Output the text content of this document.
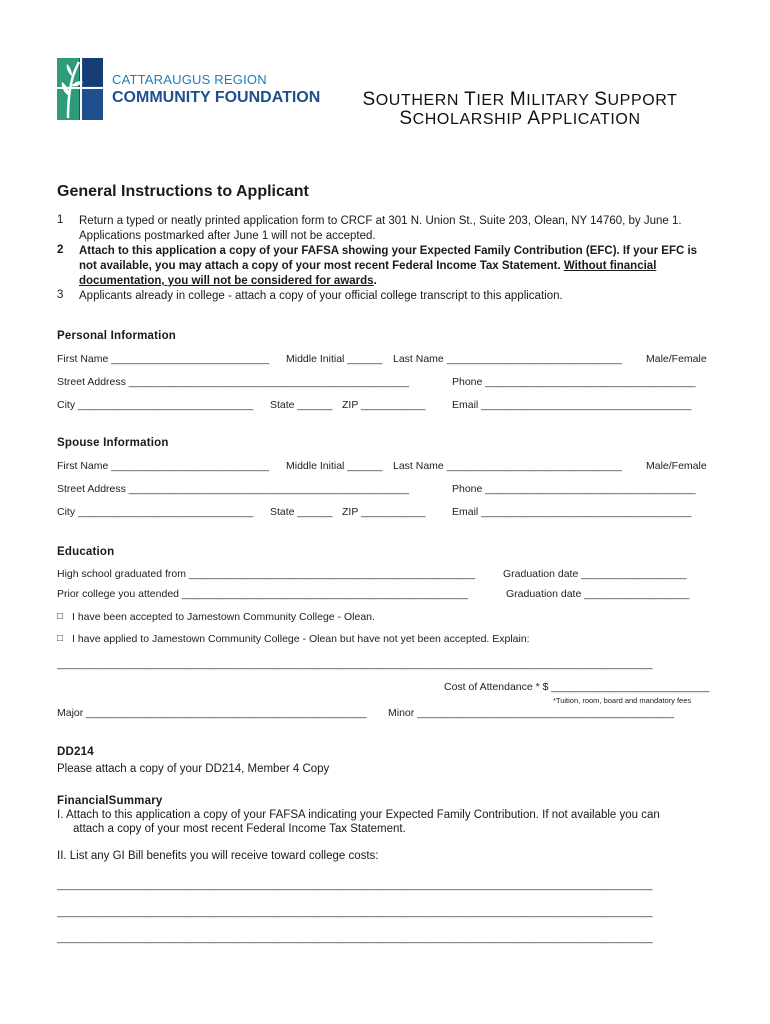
CATTARAUGUS REGION
COMMUNITY FOUNDATION	SOUTHERN TIER MILITARY SUPPORT
SCHOLARSHIP APPLICATION
General Instructions to Applicant
1 Return a typed or neatly printed application form to CRCF at 301 N. Union St., Suite 203, Olean, NY 14760, by June 1. Applications postmarked after June 1 will not be accepted.
2 Attach to this application a copy of your FAFSA showing your Expected Family Contribution (EFC). If your EFC is not available, you may attach a copy of your most recent Federal Income Tax Statement. Without financial documentation, you will not be considered for awards.
3 Applicants already in college - attach a copy of your official college transcript to this application.
Personal Information
First Name ___________________________ Middle Initial ______ Last Name ______________________________ Male/Female
Street Address ________________________________________________	Phone ____________________________________
City ______________________________ State ______ ZIP ___________	Email ____________________________________
Spouse Information
First Name ___________________________ Middle Initial ______ Last Name ______________________________ Male/Female
Street Address ________________________________________________	Phone ____________________________________
City ______________________________ State ______ ZIP ___________	Email ____________________________________
Education
High school graduated from _________________________________________________	Graduation date __________________
Prior college you attended _________________________________________________	Graduation date __________________
□ I have been accepted to Jamestown Community College - Olean.
□ I have applied to Jamestown Community College - Olean but have not yet been accepted. Explain:
______________________________________________________________________________________________________
Cost of Attendance * $ ___________________________
*Tuition, room, board and mandatory fees
Major ________________________________________________ Minor ____________________________________________
DD214
Please attach a copy of your DD214, Member 4 Copy
FinancialSummary
I. Attach to this application a copy of your FAFSA indicating your Expected Family Contribution. If not available you can
attach a copy of your most recent Federal Income Tax Statement.
II. List any GI Bill benefits you will receive toward college costs:
______________________________________________________________________________________________________
______________________________________________________________________________________________________
______________________________________________________________________________________________________
